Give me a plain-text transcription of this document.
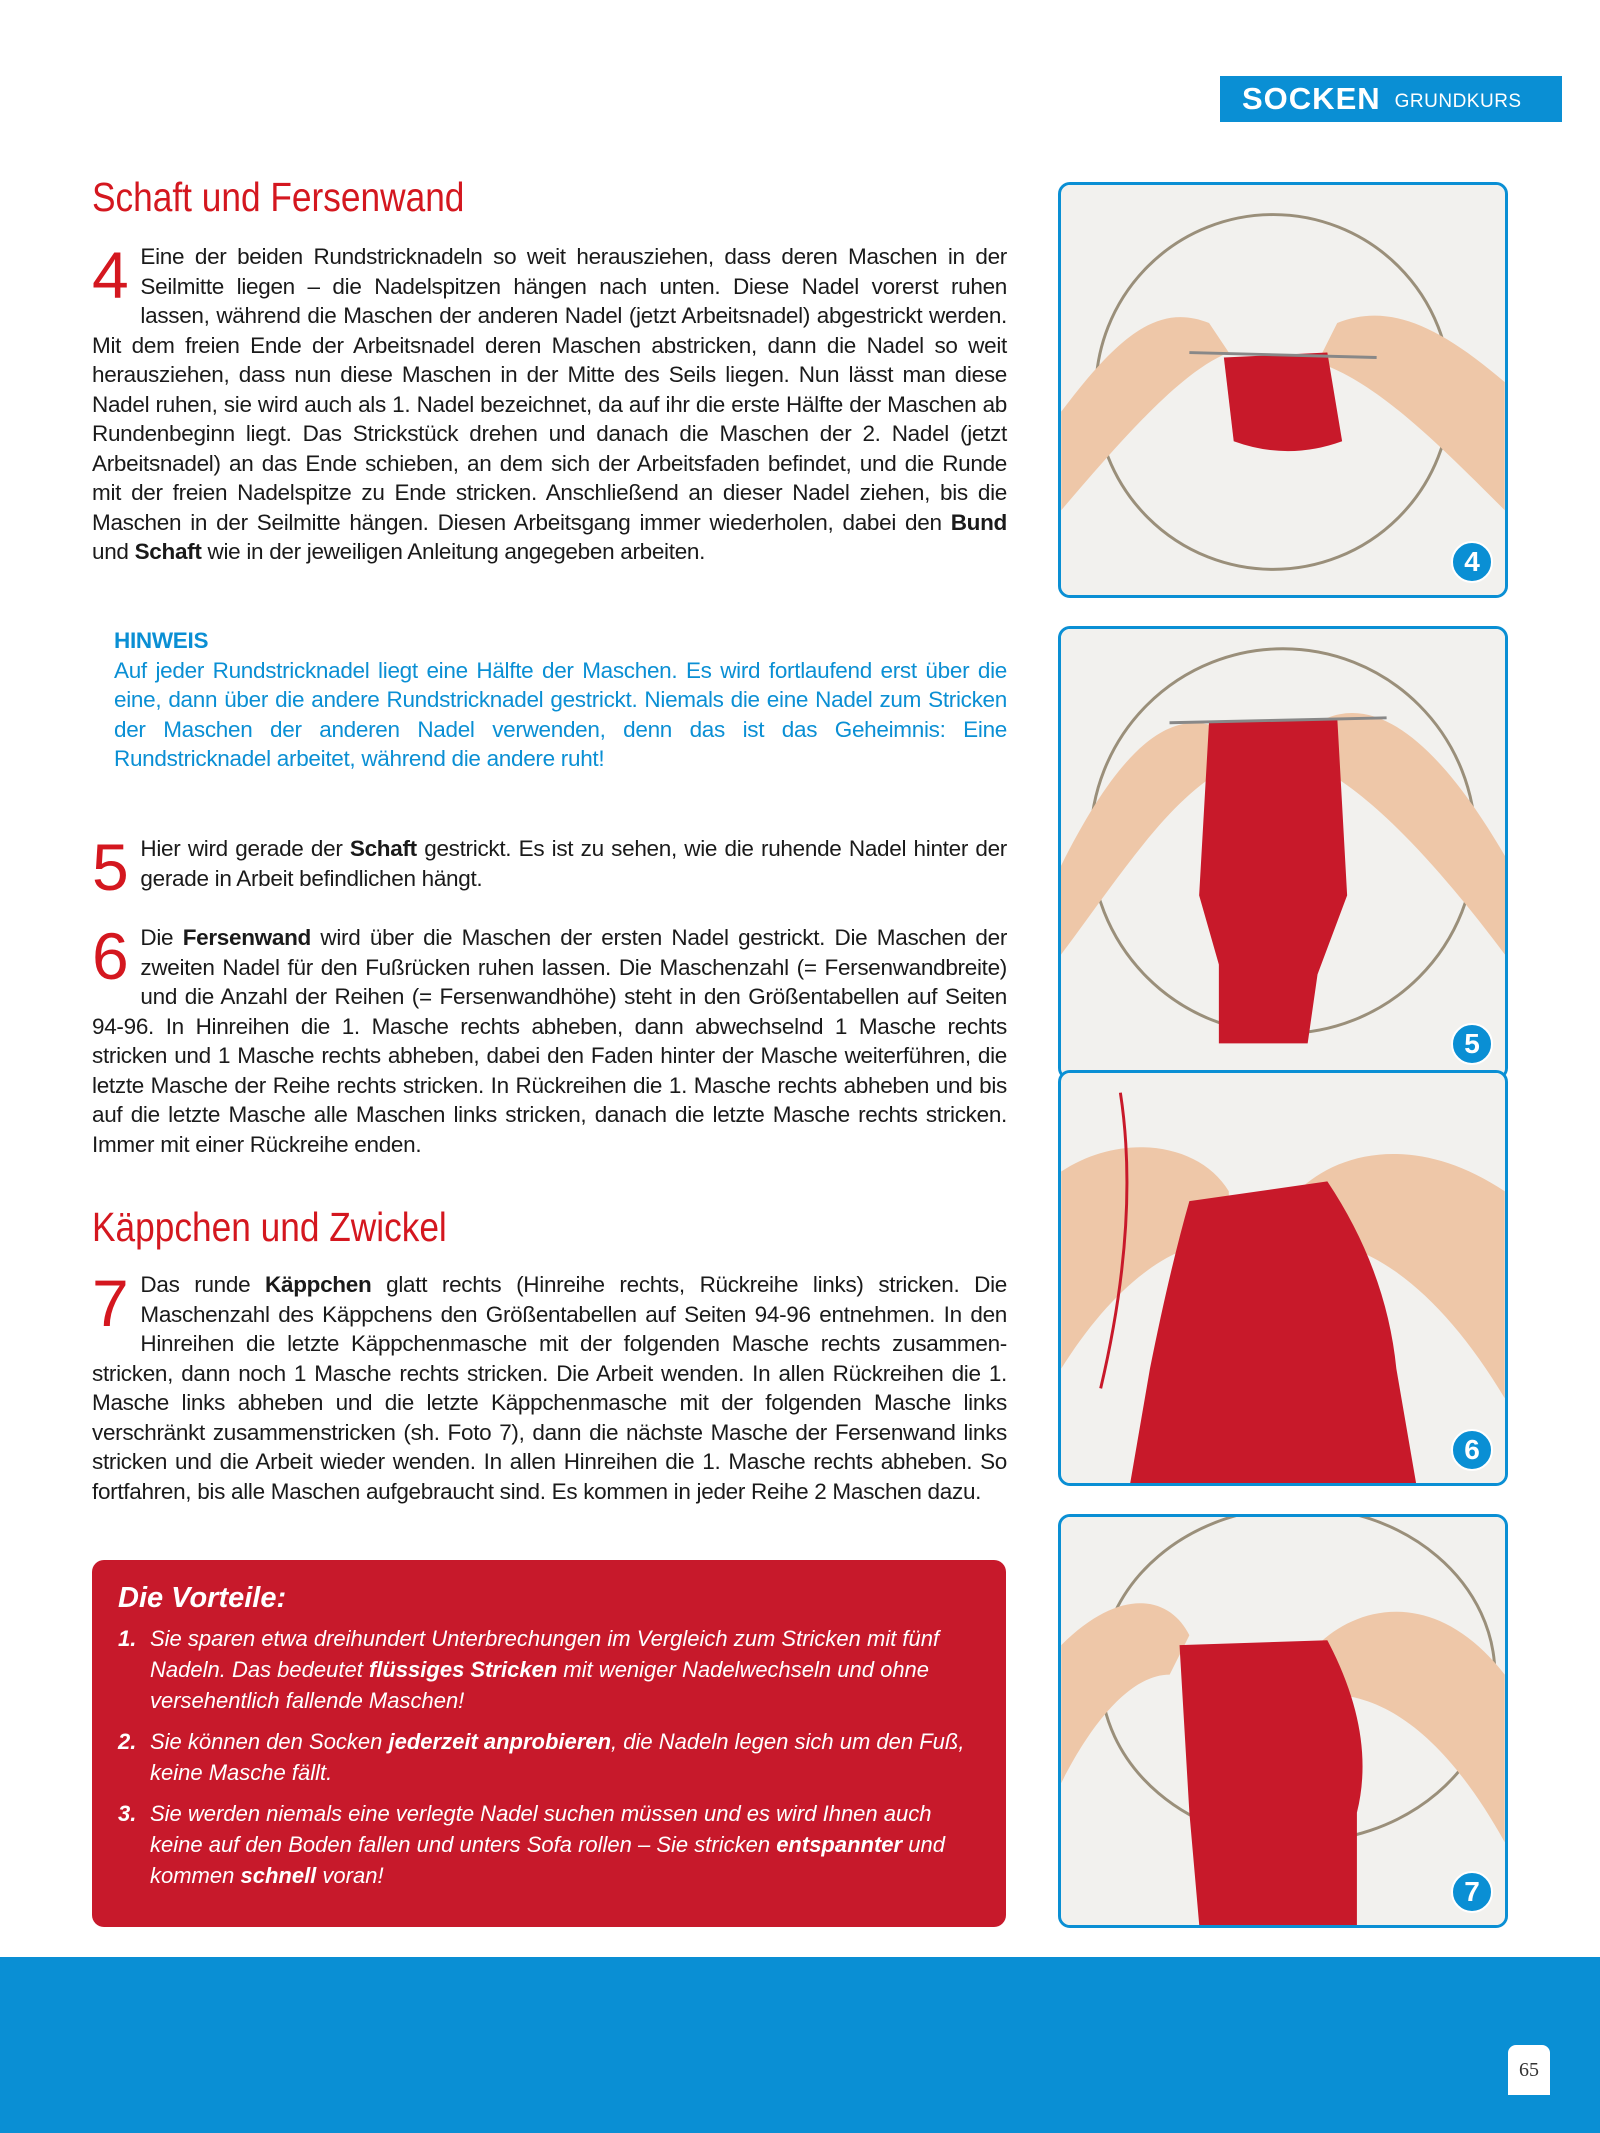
SOCKEN GRUNDKURS
Schaft und Fersenwand

4 Eine der beiden Rundstricknadeln so weit herausziehen, dass deren Maschen in der Seilmitte liegen – die Nadelspitzen hängen nach unten. Diese Nadel vorerst ruhen lassen, während die Maschen der anderen Nadel (jetzt Arbeitsnadel) abgestrickt werden. Mit dem freien Ende der Arbeitsnadel deren Maschen abstricken, dann die Nadel so weit herausziehen, dass nun diese Maschen in der Mitte des Seils liegen. Nun lässt man diese Nadel ruhen, sie wird auch als 1. Nadel bezeichnet, da auf ihr die erste Hälfte der Maschen ab Rundenbeginn liegt. Das Strickstück drehen und danach die Maschen der 2. Nadel (jetzt Arbeitsnadel) an das Ende schieben, an dem sich der Arbeitsfaden befindet, und die Runde mit der freien Nadelspitze zu Ende stricken. Anschließend an dieser Nadel ziehen, bis die Maschen in der Seilmitte hängen. Diesen Arbeitsgang immer wiederholen, dabei den Bund und Schaft wie in der jeweiligen Anleitung angegeben arbeiten.

HINWEIS
Auf jeder Rundstricknadel liegt eine Hälfte der Maschen. Es wird fortlaufend erst über die eine, dann über die andere Rundstricknadel gestrickt. Niemals die eine Nadel zum Stricken der Maschen der anderen Nadel verwenden, denn das ist das Geheimnis: Eine Rundstricknadel arbeitet, während die andere ruht!

5 Hier wird gerade der Schaft gestrickt. Es ist zu sehen, wie die ruhende Nadel hinter der gerade in Arbeit befindlichen hängt.

6 Die Fersenwand wird über die Maschen der ersten Nadel gestrickt. Die Maschen der zweiten Nadel für den Fußrücken ruhen lassen. Die Maschenzahl (= Fersenwandbreite) und die Anzahl der Reihen (= Fersenwandhöhe) steht in den Größentabellen auf Seiten 94-96. In Hinreihen die 1. Masche rechts abheben, dann abwechselnd 1 Masche rechts stricken und 1 Masche rechts abheben, dabei den Faden hinter der Masche weiterführen, die letzte Masche der Reihe rechts stricken. In Rückreihen die 1. Masche rechts abheben und bis auf die letzte Masche alle Maschen links stricken, danach die letzte Masche rechts stricken. Immer mit einer Rückreihe enden.

Käppchen und Zwickel

7 Das runde Käppchen glatt rechts (Hinreihe rechts, Rückreihe links) stricken. Die Maschenzahl des Käppchens den Größentabellen auf Seiten 94-96 entnehmen. In den Hinreihen die letzte Käppchenmasche mit der folgenden Masche rechts zusammen-stricken, dann noch 1 Masche rechts stricken. Die Arbeit wenden. In allen Rückreihen die 1. Masche links abheben und die letzte Käppchenmasche mit der folgenden Masche links verschränkt zusammenstricken (sh. Foto 7), dann die nächste Masche der Fersenwand links stricken und die Arbeit wieder wenden. In allen Hinreihen die 1. Masche rechts abheben. So fortfahren, bis alle Maschen aufgebraucht sind. Es kommen in jeder Reihe 2 Maschen dazu.

Die Vorteile:
1. Sie sparen etwa dreihundert Unterbrechungen im Vergleich zum Stricken mit fünf Nadeln. Das bedeutet flüssiges Stricken mit weniger Nadelwechseln und ohne versehentlich fallende Maschen!
2. Sie können den Socken jederzeit anprobieren, die Nadeln legen sich um den Fuß, keine Masche fällt.
3. Sie werden niemals eine verlegte Nadel suchen müssen und es wird Ihnen auch keine auf den Boden fallen und unters Sofa rollen – Sie stricken entspannter und kommen schnell voran!
4
5
6
7
65
